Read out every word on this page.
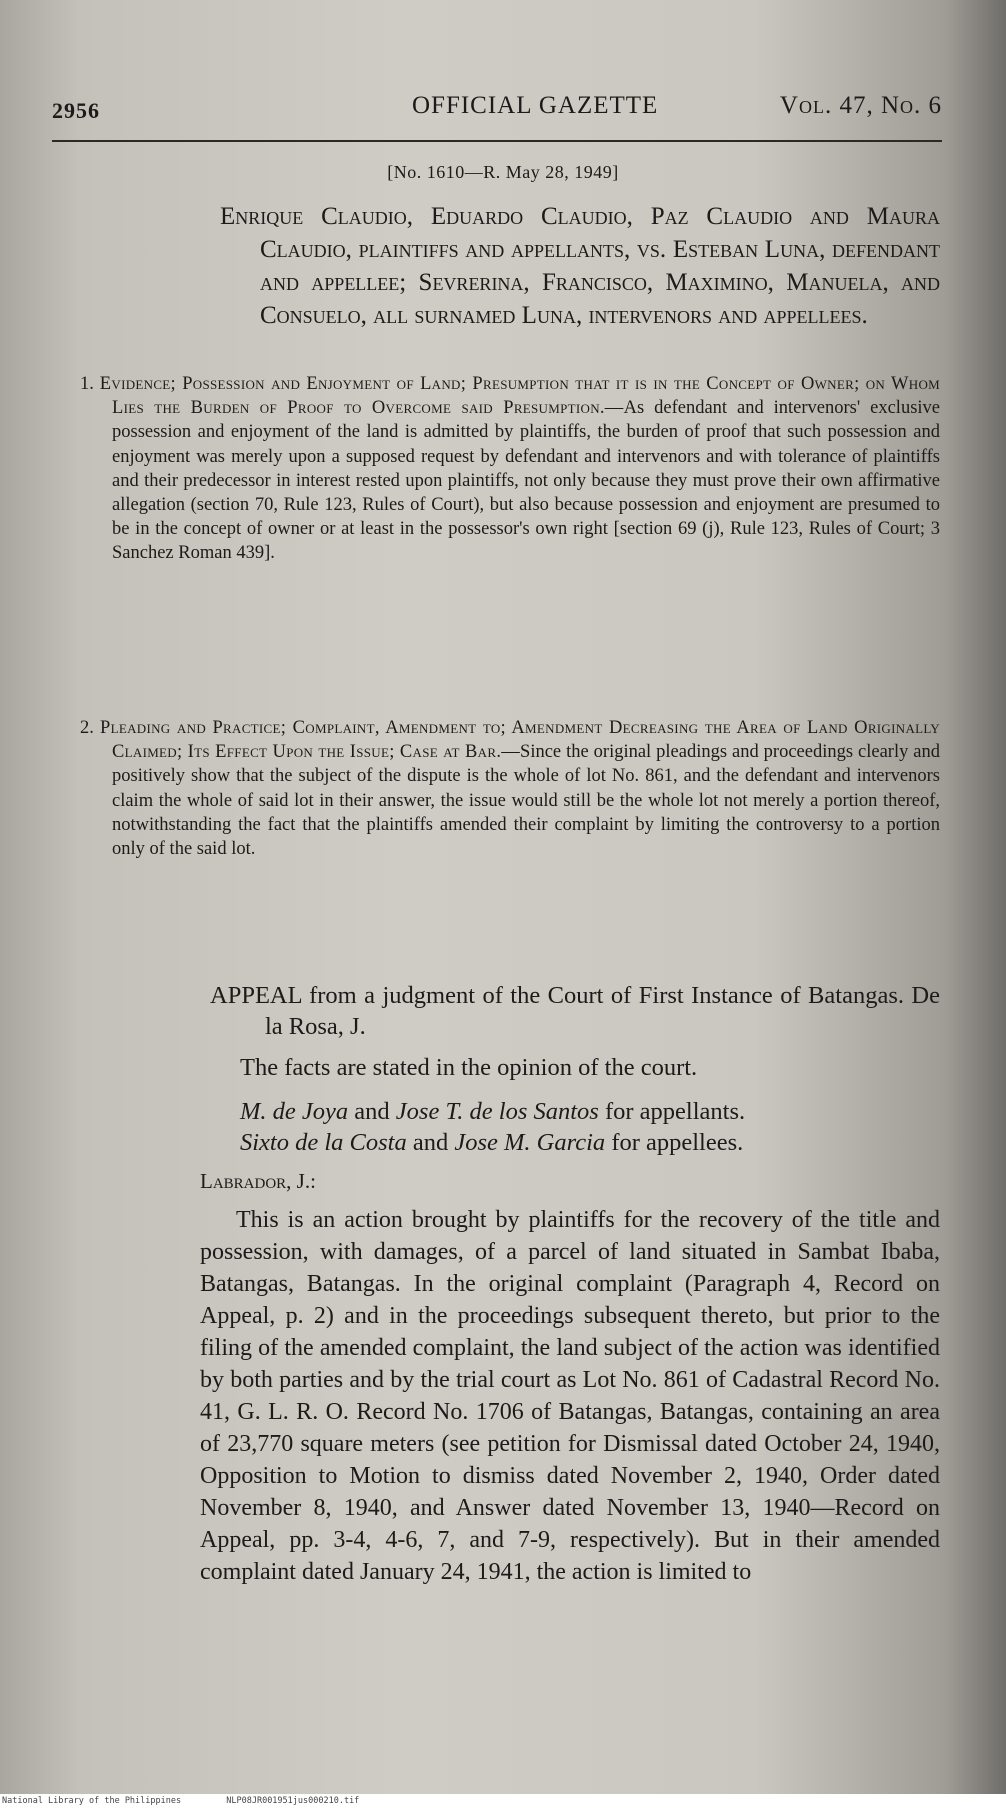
2956	OFFICIAL GAZETTE	Vol. 47, No. 6
[No. 1610—R. May 28, 1949]
Enrique Claudio, Eduardo Claudio, Paz Claudio and Maura Claudio, plaintiffs and appellants, vs. Esteban Luna, defendant and appellee; Sevrerina, Francisco, Maximino, Manuela, and Consuelo, all surnamed Luna, intervenors and appellees.
1. Evidence; Possession and Enjoyment of Land; Presumption that it is in the Concept of Owner; on Whom Lies the Burden of Proof to Overcome said Presumption.—As defendant and intervenors' exclusive possession and enjoyment of the land is admitted by plaintiffs, the burden of proof that such possession and enjoyment was merely upon a supposed request by defendant and intervenors and with tolerance of plaintiffs and their predecessor in interest rested upon plaintiffs, not only because they must prove their own affirmative allegation (section 70, Rule 123, Rules of Court), but also because possession and enjoyment are presumed to be in the concept of owner or at least in the possessor's own right [section 69 (j), Rule 123, Rules of Court; 3 Sanchez Roman 439].
2. Pleading and Practice; Complaint, Amendment to; Amendment Decreasing the Area of Land Originally Claimed; Its Effect Upon the Issue; Case at Bar.—Since the original pleadings and proceedings clearly and positively show that the subject of the dispute is the whole of lot No. 861, and the defendant and intervenors claim the whole of said lot in their answer, the issue would still be the whole lot not merely a portion thereof, notwithstanding the fact that the plaintiffs amended their complaint by limiting the controversy to a portion only of the said lot.
APPEAL from a judgment of the Court of First Instance of Batangas. De la Rosa, J.
The facts are stated in the opinion of the court.
M. de Joya and Jose T. de los Santos for appellants.
Sixto de la Costa and Jose M. Garcia for appellees.
Labrador, J.:
This is an action brought by plaintiffs for the recovery of the title and possession, with damages, of a parcel of land situated in Sambat Ibaba, Batangas, Batangas. In the original complaint (Paragraph 4, Record on Appeal, p. 2) and in the proceedings subsequent thereto, but prior to the filing of the amended complaint, the land subject of the action was identified by both parties and by the trial court as Lot No. 861 of Cadastral Record No. 41, G. L. R. O. Record No. 1706 of Batangas, Batangas, containing an area of 23,770 square meters (see petition for Dismissal dated October 24, 1940, Opposition to Motion to dismiss dated November 2, 1940, Order dated November 8, 1940, and Answer dated November 13, 1940—Record on Appeal, pp. 3-4, 4-6, 7, and 7-9, respectively). But in their amended complaint dated January 24, 1941, the action is limited to
National Library of the Philippines	NLP08JR001951jus000210.tif
